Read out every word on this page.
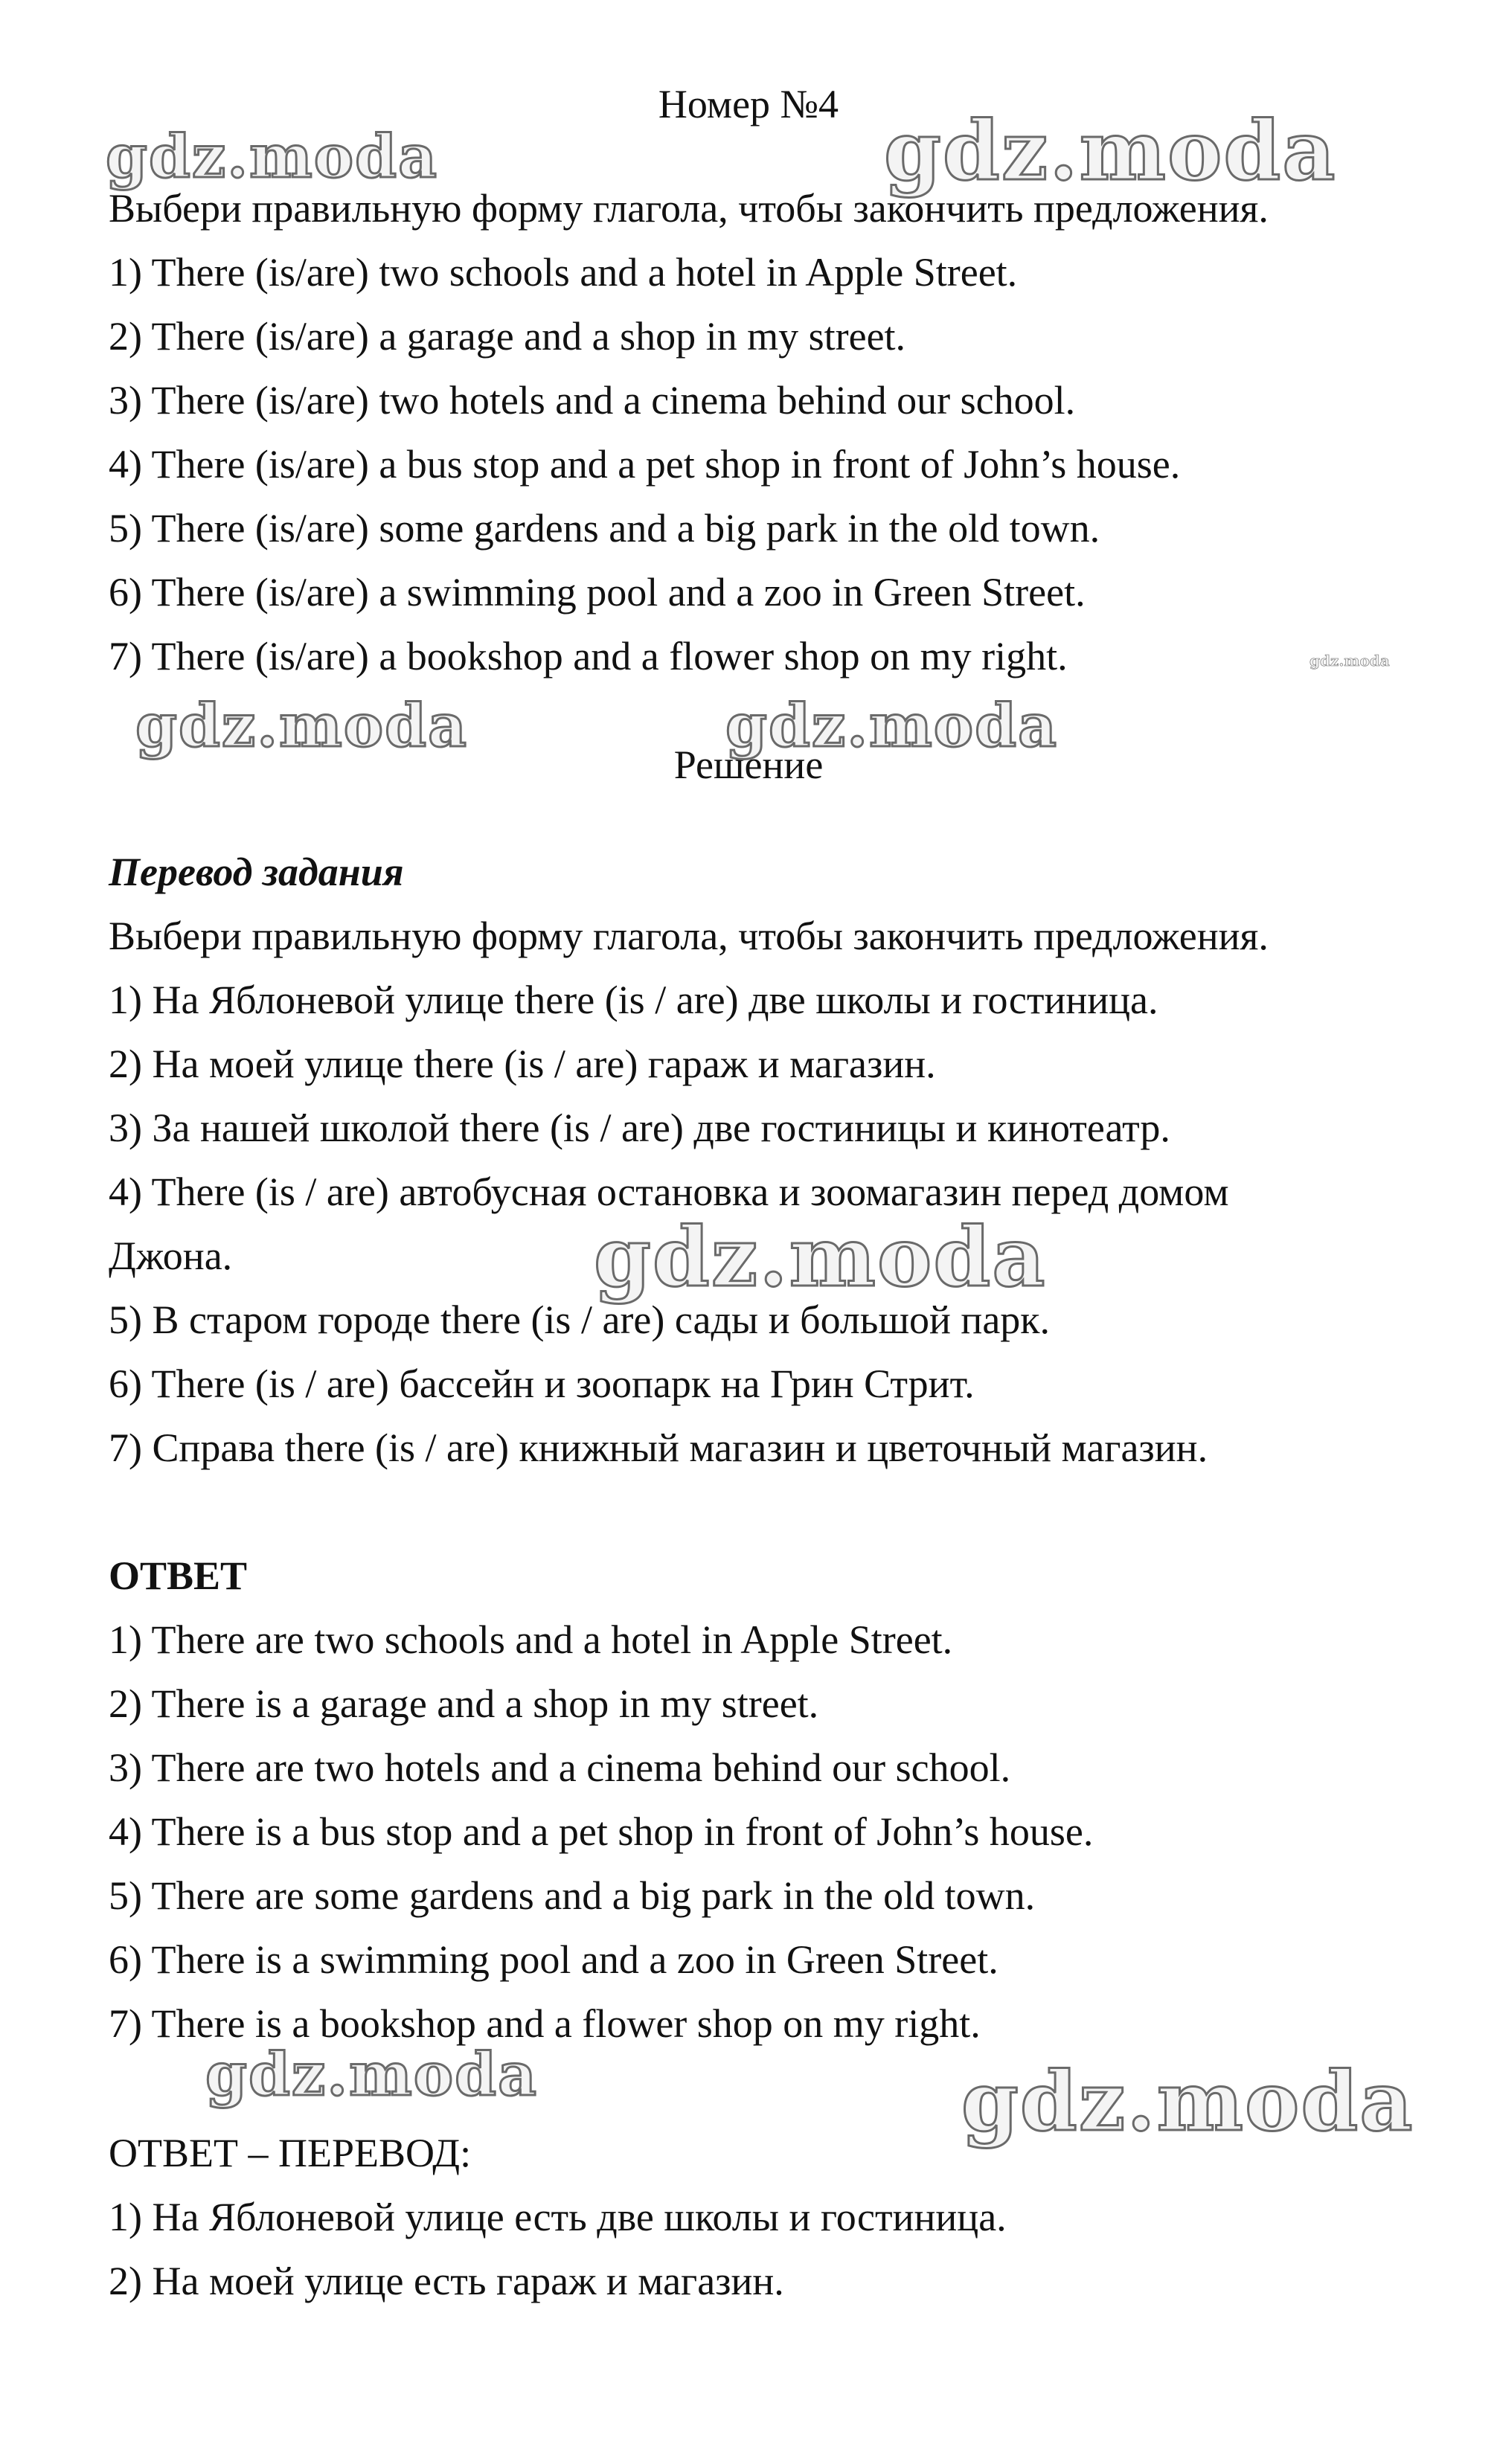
Номер №4
Выбери правильную форму глагола, чтобы закончить предложения.
1) There (is/are) two schools and a hotel in Apple Street.
2) There (is/are) a garage and a shop in my street.
3) There (is/are) two hotels and a cinema behind our school.
4) There (is/are) a bus stop and a pet shop in front of John’s house.
5) There (is/are) some gardens and a big park in the old town.
6) There (is/are) a swimming pool and a zoo in Green Street.
7) There (is/are) a bookshop and a flower shop on my right.
Решение
Перевод задания
Выбери правильную форму глагола, чтобы закончить предложения.
1) На Яблоневой улице there (is / are) две школы и гостиница.
2) На моей улице there (is / are) гараж и магазин.
3) За нашей школой there (is / are) две гостиницы и кинотеатр.
4) There (is / are) автобусная остановка и зоомагазин перед домом
Джона.
5) В старом городе there (is / are) сады и большой парк.
6) There (is / are) бассейн и зоопарк на Грин Стрит.
7) Справа there (is / are) книжный магазин и цветочный магазин.
ОТВЕТ
1) There are two schools and a hotel in Apple Street.
2) There is a garage and a shop in my street.
3) There are two hotels and a cinema behind our school.
4) There is a bus stop and a pet shop in front of John’s house.
5) There are some gardens and a big park in the old town.
6) There is a swimming pool and a zoo in Green Street.
7) There is a bookshop and a flower shop on my right.
ОТВЕТ – ПЕРЕВОД:
1) На Яблоневой улице есть две школы и гостиница.
2) На моей улице есть гараж и магазин.
gdz.moda	gdz.moda
gdz.moda
gdz.moda	gdz.moda
gdz.moda
gdz.moda	gdz.moda
